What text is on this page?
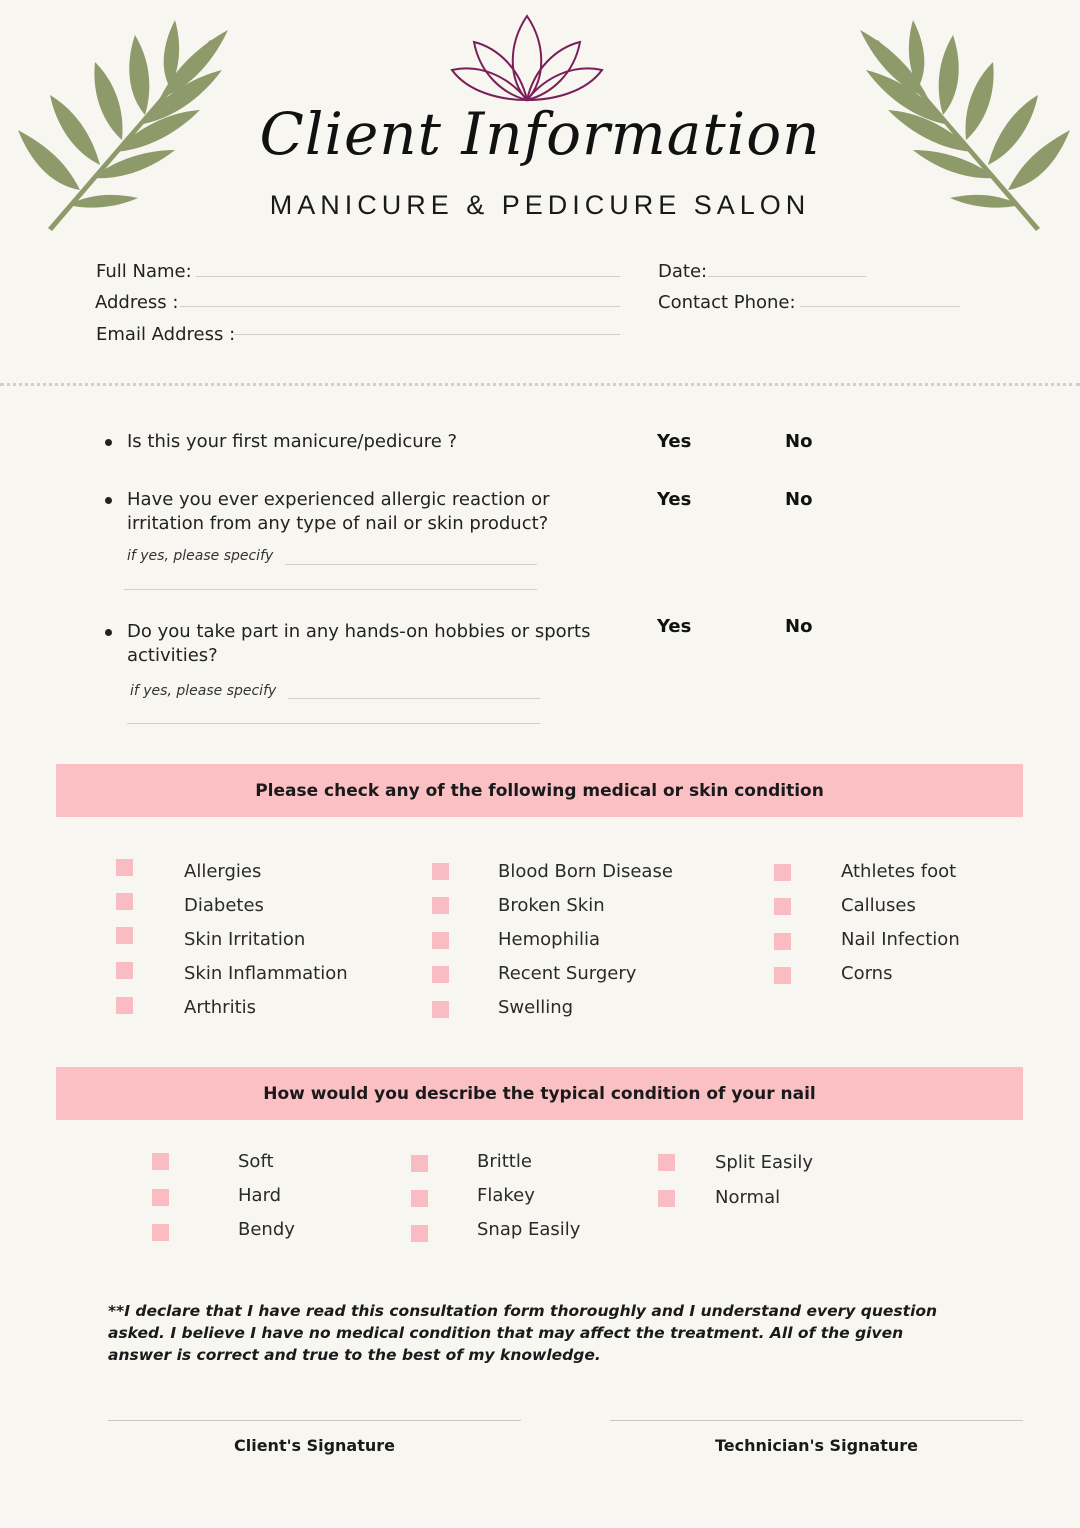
Client Information
MANICURE & PEDICURE SALON
Full Name:
Address :
Email Address :
Date:
Contact Phone:
Is this your first manicure/pedicure ?	Yes	No
Have you ever experienced allergic reaction or irritation from any type of nail or skin product?
Yes	No
if yes, please specify
Do you take part in any hands-on hobbies or sports activities?
Yes	No
if yes, please specify
Please check any of the following medical or skin condition
Allergies
Diabetes
Skin Irritation
Skin Inflammation
Arthritis
Blood Born Disease
Broken Skin
Hemophilia
Recent Surgery
Swelling
Athletes foot
Calluses
Nail Infection
Corns
How would you describe the typical condition of your nail
Soft
Hard
Bendy
Brittle
Flakey
Snap Easily
Split Easily
Normal
**I declare that I have read this consultation form thoroughly and I understand every question asked. I believe I have no medical condition that may affect the treatment. All of the given answer is correct and true to the best of my knowledge.
Client's Signature	Technician's Signature
